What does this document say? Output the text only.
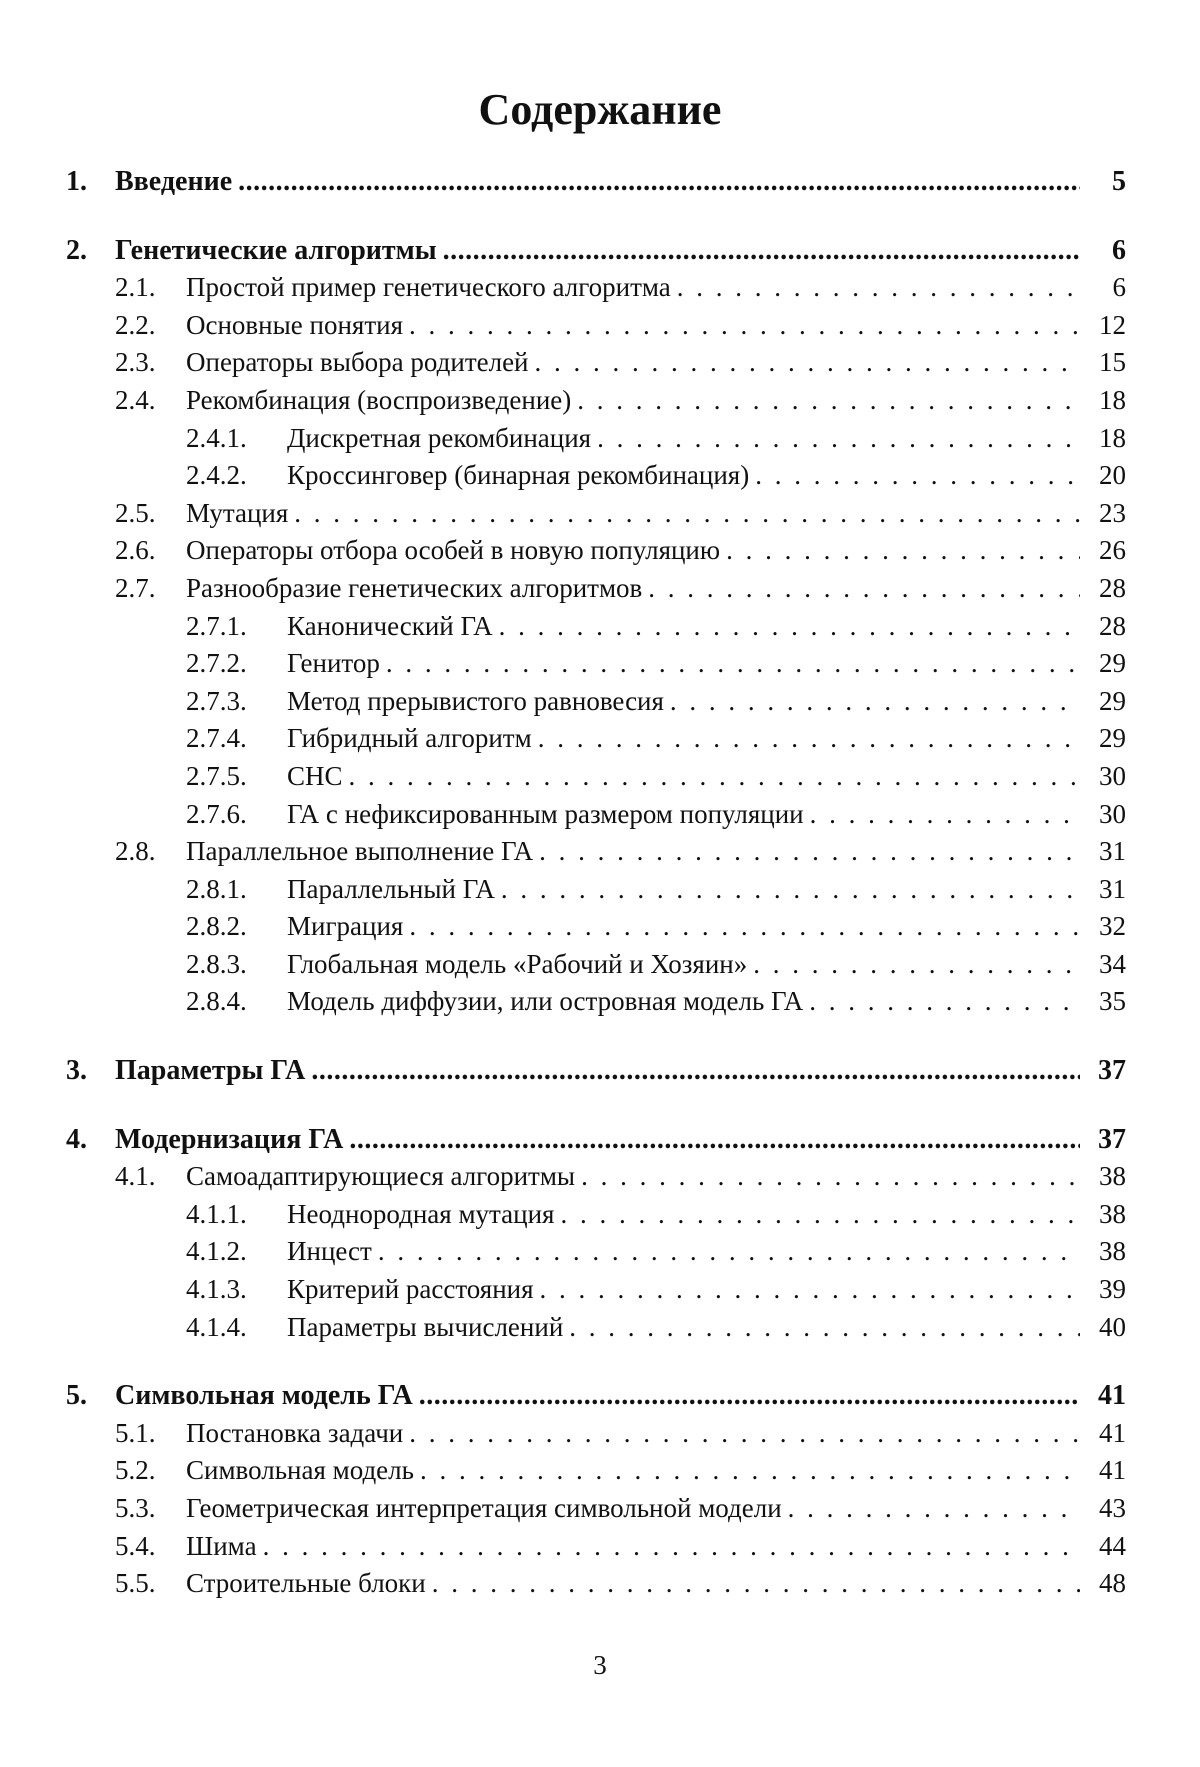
Содержание
1.	Введение .....	5
2.	Генетические алгоритмы .....	6
2.1.	Простой пример генетического алгоритма . . .	6
2.2.	Основные понятия . . .	12
2.3.	Операторы выбора родителей . . .	15
2.4.	Рекомбинация (воспроизведение) . . .	18
2.4.1.	Дискретная рекомбинация . . .	18
2.4.2.	Кроссинговер (бинарная рекомбинация) . . .	20
2.5.	Мутация . . .	23
2.6.	Операторы отбора особей в новую популяцию . . .	26
2.7.	Разнообразие генетических алгоритмов . . .	28
2.7.1.	Канонический ГА . . .	28
2.7.2.	Генитор . . .	29
2.7.3.	Метод прерывистого равновесия . . .	29
2.7.4.	Гибридный алгоритм . . .	29
2.7.5.	CHC . . .	30
2.7.6.	ГА с нефиксированным размером популяции . . .	30
2.8.	Параллельное выполнение ГА . . .	31
2.8.1.	Параллельный ГА . . .	31
2.8.2.	Миграция . . .	32
2.8.3.	Глобальная модель «Рабочий и Хозяин» . . .	34
2.8.4.	Модель диффузии, или островная модель ГА . . .	35
3.	Параметры ГА .....	37
4.	Модернизация ГА .....	37
4.1.	Самоадаптирующиеся алгоритмы . . .	38
4.1.1.	Неоднородная мутация . . .	38
4.1.2.	Инцест . . .	38
4.1.3.	Критерий расстояния . . .	39
4.1.4.	Параметры вычислений . . .	40
5.	Символьная модель ГА .....	41
5.1.	Постановка задачи . . .	41
5.2.	Символьная модель . . .	41
5.3.	Геометрическая интерпретация символьной модели . . .	43
5.4.	Шима . . .	44
5.5.	Строительные блоки . . .	48
3
